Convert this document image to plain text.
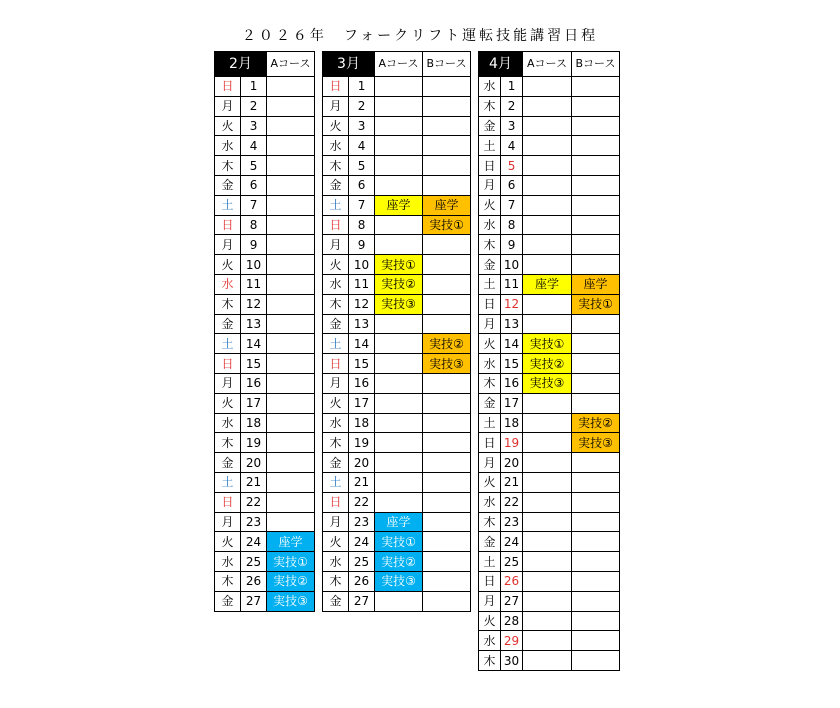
２０２６年　フォークリフト運転技能講習日程
2月		Aコース
日	1	
月	2	
火	3	
水	4	
木	5	
金	6	
土	7	
日	8	
月	9	
火	10	
水	11	
木	12	
金	13	
土	14	
日	15	
月	16	
火	17	
水	18	
木	19	
金	20	
土	21	
日	22	
月	23	
火	24	座学
水	25	実技①
木	26	実技②
金	27	実技③
3月		Aコース	Bコース
日	1		
月	2		
火	3		
水	4		
木	5		
金	6		
土	7	座学	座学
日	8		実技①
月	9		
火	10	実技①	
水	11	実技②	
木	12	実技③	
金	13		
土	14		実技②
日	15		実技③
月	16		
火	17		
水	18		
木	19		
金	20		
土	21		
日	22		
月	23	座学	
火	24	実技①	
水	25	実技②	
木	26	実技③	
金	27		
4月		Aコース	Bコース
水	1		
木	2		
金	3		
土	4		
日	5		
月	6		
火	7		
水	8		
木	9		
金	10		
土	11	座学	座学
日	12		実技①
月	13		
火	14	実技①	
水	15	実技②	
木	16	実技③	
金	17		
土	18		実技②
日	19		実技③
月	20		
火	21		
水	22		
木	23		
金	24		
土	25		
日	26		
月	27		
火	28		
水	29		
木	30		
